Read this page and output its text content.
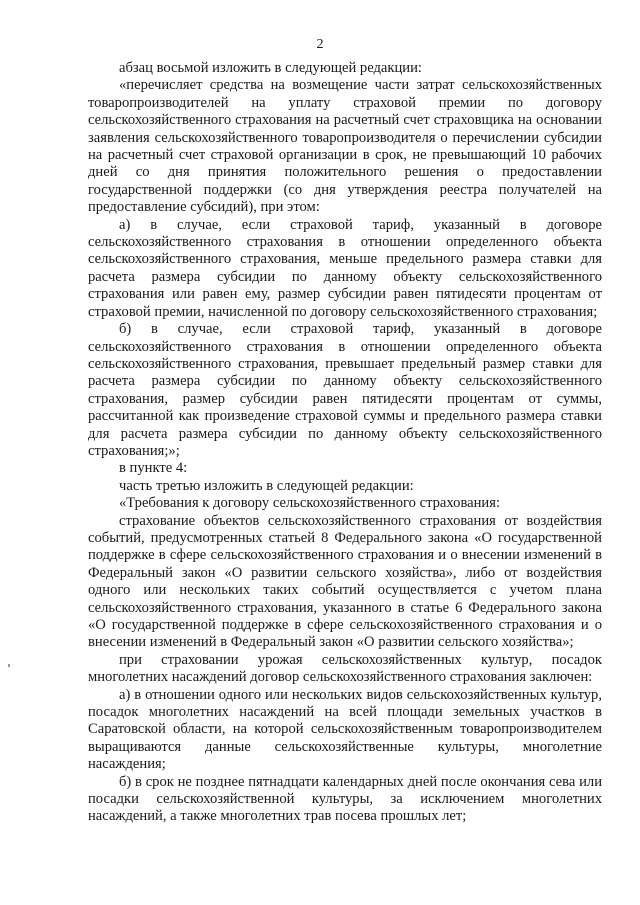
2

абзац восьмой изложить в следующей редакции:

«перечисляет средства на возмещение части затрат сельскохозяйственных товаропроизводителей на уплату страховой премии по договору сельскохозяйственного страхования на расчетный счет страховщика на основании заявления сельскохозяйственного товаропроизводителя о перечислении субсидии на расчетный счет страховой организации в срок, не превышающий 10 рабочих дней со дня принятия положительного решения о предоставлении государственной поддержки (со дня утверждения реестра получателей на предоставление субсидий), при этом:

а) в случае, если страховой тариф, указанный в договоре сельскохозяйственного страхования в отношении определенного объекта сельскохозяйственного страхования, меньше предельного размера ставки для расчета размера субсидии по данному объекту сельскохозяйственного страхования или равен ему, размер субсидии равен пятидесяти процентам от страховой премии, начисленной по договору сельскохозяйственного страхования;

б) в случае, если страховой тариф, указанный в договоре сельскохозяйственного страхования в отношении определенного объекта сельскохозяйственного страхования, превышает предельный размер ставки для расчета размера субсидии по данному объекту сельскохозяйственного страхования, размер субсидии равен пятидесяти процентам от суммы, рассчитанной как произведение страховой суммы и предельного размера ставки для расчета размера субсидии по данному объекту сельскохозяйственного страхования;»;

в пункте 4:

часть третью изложить в следующей редакции:

«Требования к договору сельскохозяйственного страхования:

страхование объектов сельскохозяйственного страхования от воздействия событий, предусмотренных статьей 8 Федерального закона «О государственной поддержке в сфере сельскохозяйственного страхования и о внесении изменений в Федеральный закон «О развитии сельского хозяйства», либо от воздействия одного или нескольких таких событий осуществляется с учетом плана сельскохозяйственного страхования, указанного в статье 6 Федерального закона «О государственной поддержке в сфере сельскохозяйственного страхования и о внесении изменений в Федеральный закон «О развитии сельского хозяйства»;

при страховании урожая сельскохозяйственных культур, посадок многолетних насаждений договор сельскохозяйственного страхования заключен:

а) в отношении одного или нескольких видов сельскохозяйственных культур, посадок многолетних насаждений на всей площади земельных участков в Саратовской области, на которой сельскохозяйственным товаропроизводителем выращиваются данные сельскохозяйственные культуры, многолетние насаждения;

б) в срок не позднее пятнадцати календарных дней после окончания сева или посадки сельскохозяйственной культуры, за исключением многолетних насаждений, а также многолетних трав посева прошлых лет;
